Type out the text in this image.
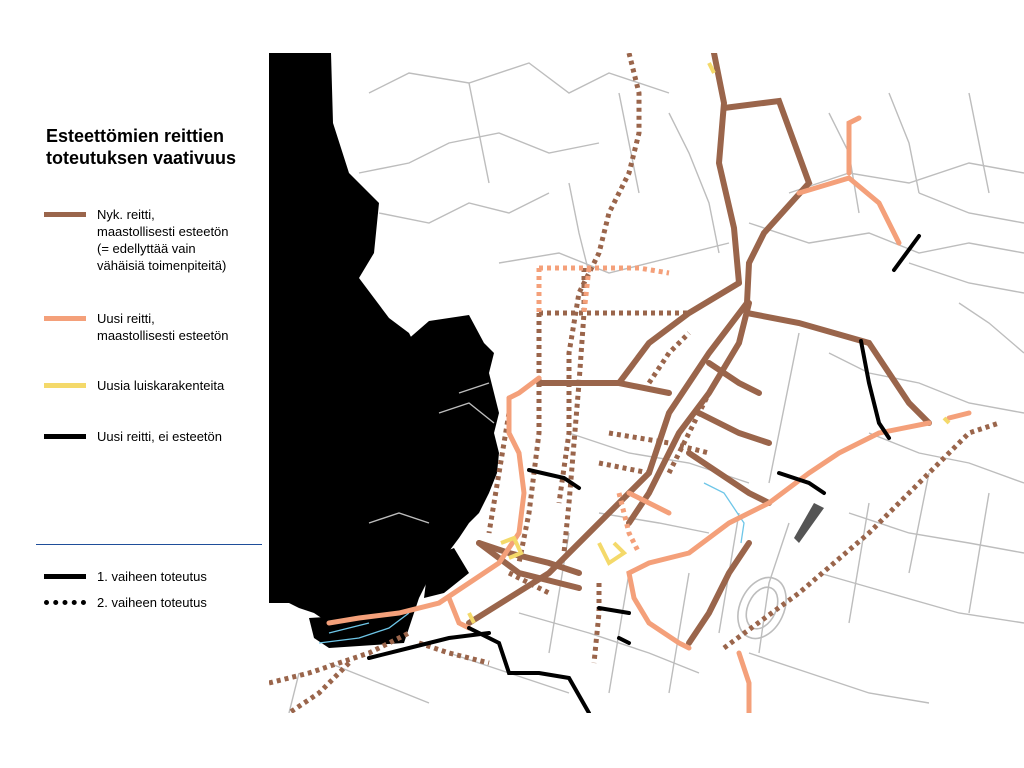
Esteettömien reittien toteutuksen vaativuus
Nyk. reitti,
maastollisesti esteetön
(= edellyttää vain
vähäisiä toimenpiteitä)
Uusi reitti,
maastollisesti esteetön
Uusia luiskarakenteita
Uusi reitti, ei esteetön
1. vaiheen toteutus
2. vaiheen toteutus
